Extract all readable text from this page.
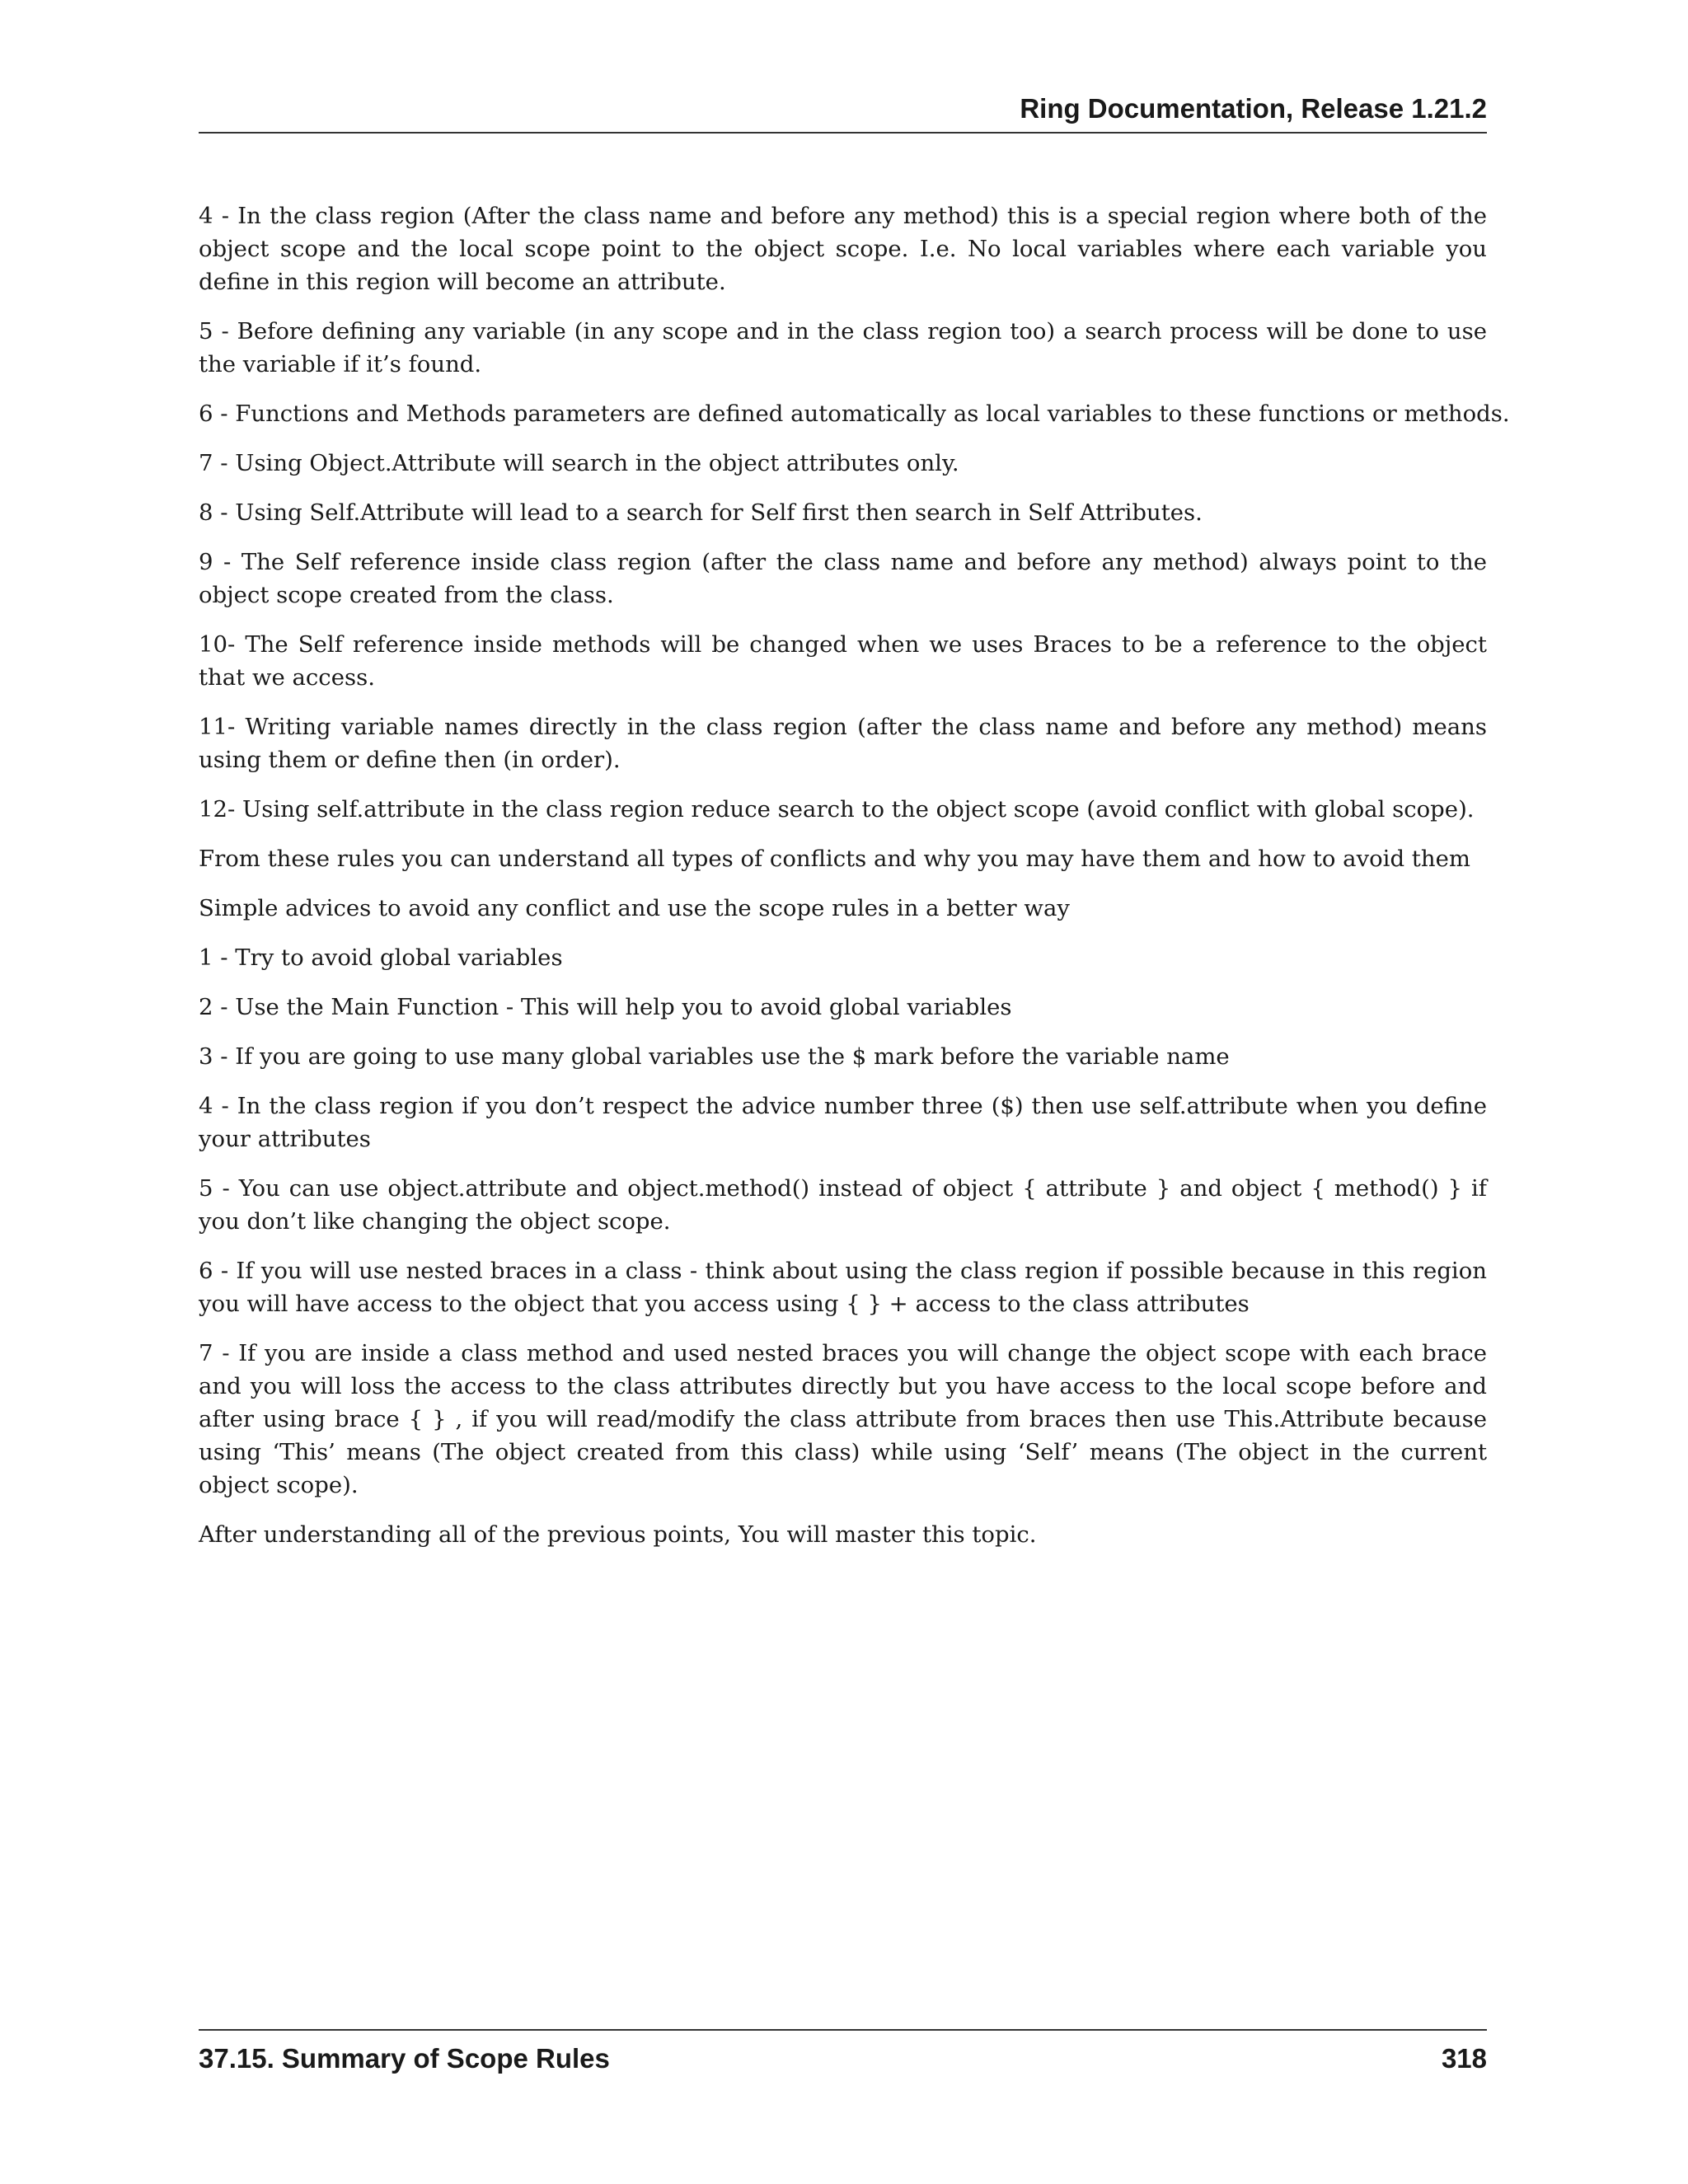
Ring Documentation, Release 1.21.2

4 - In the class region (After the class name and before any method) this is a special region where both of the object scope and the local scope point to the object scope. I.e. No local variables where each variable you define in this region will become an attribute.

5 - Before defining any variable (in any scope and in the class region too) a search process will be done to use the variable if it’s found.

6 - Functions and Methods parameters are defined automatically as local variables to these functions or methods.

7 - Using Object.Attribute will search in the object attributes only.

8 - Using Self.Attribute will lead to a search for Self first then search in Self Attributes.

9 - The Self reference inside class region (after the class name and before any method) always point to the object scope created from the class.

10- The Self reference inside methods will be changed when we uses Braces to be a reference to the object that we access.

11- Writing variable names directly in the class region (after the class name and before any method) means using them or define then (in order).

12- Using self.attribute in the class region reduce search to the object scope (avoid conflict with global scope).

From these rules you can understand all types of conflicts and why you may have them and how to avoid them

Simple advices to avoid any conflict and use the scope rules in a better way

1 - Try to avoid global variables

2 - Use the Main Function - This will help you to avoid global variables

3 - If you are going to use many global variables use the $ mark before the variable name

4 - In the class region if you don’t respect the advice number three ($) then use self.attribute when you define your attributes

5 - You can use object.attribute and object.method() instead of object { attribute } and object { method() } if you don’t like changing the object scope.

6 - If you will use nested braces in a class - think about using the class region if possible because in this region you will have access to the object that you access using { } + access to the class attributes

7 - If you are inside a class method and used nested braces you will change the object scope with each brace and you will loss the access to the class attributes directly but you have access to the local scope before and after using brace { } , if you will read/modify the class attribute from braces then use This.Attribute because using ‘This’ means (The object created from this class) while using ‘Self’ means (The object in the current object scope).

After understanding all of the previous points, You will master this topic.

37.15. Summary of Scope Rules	318
